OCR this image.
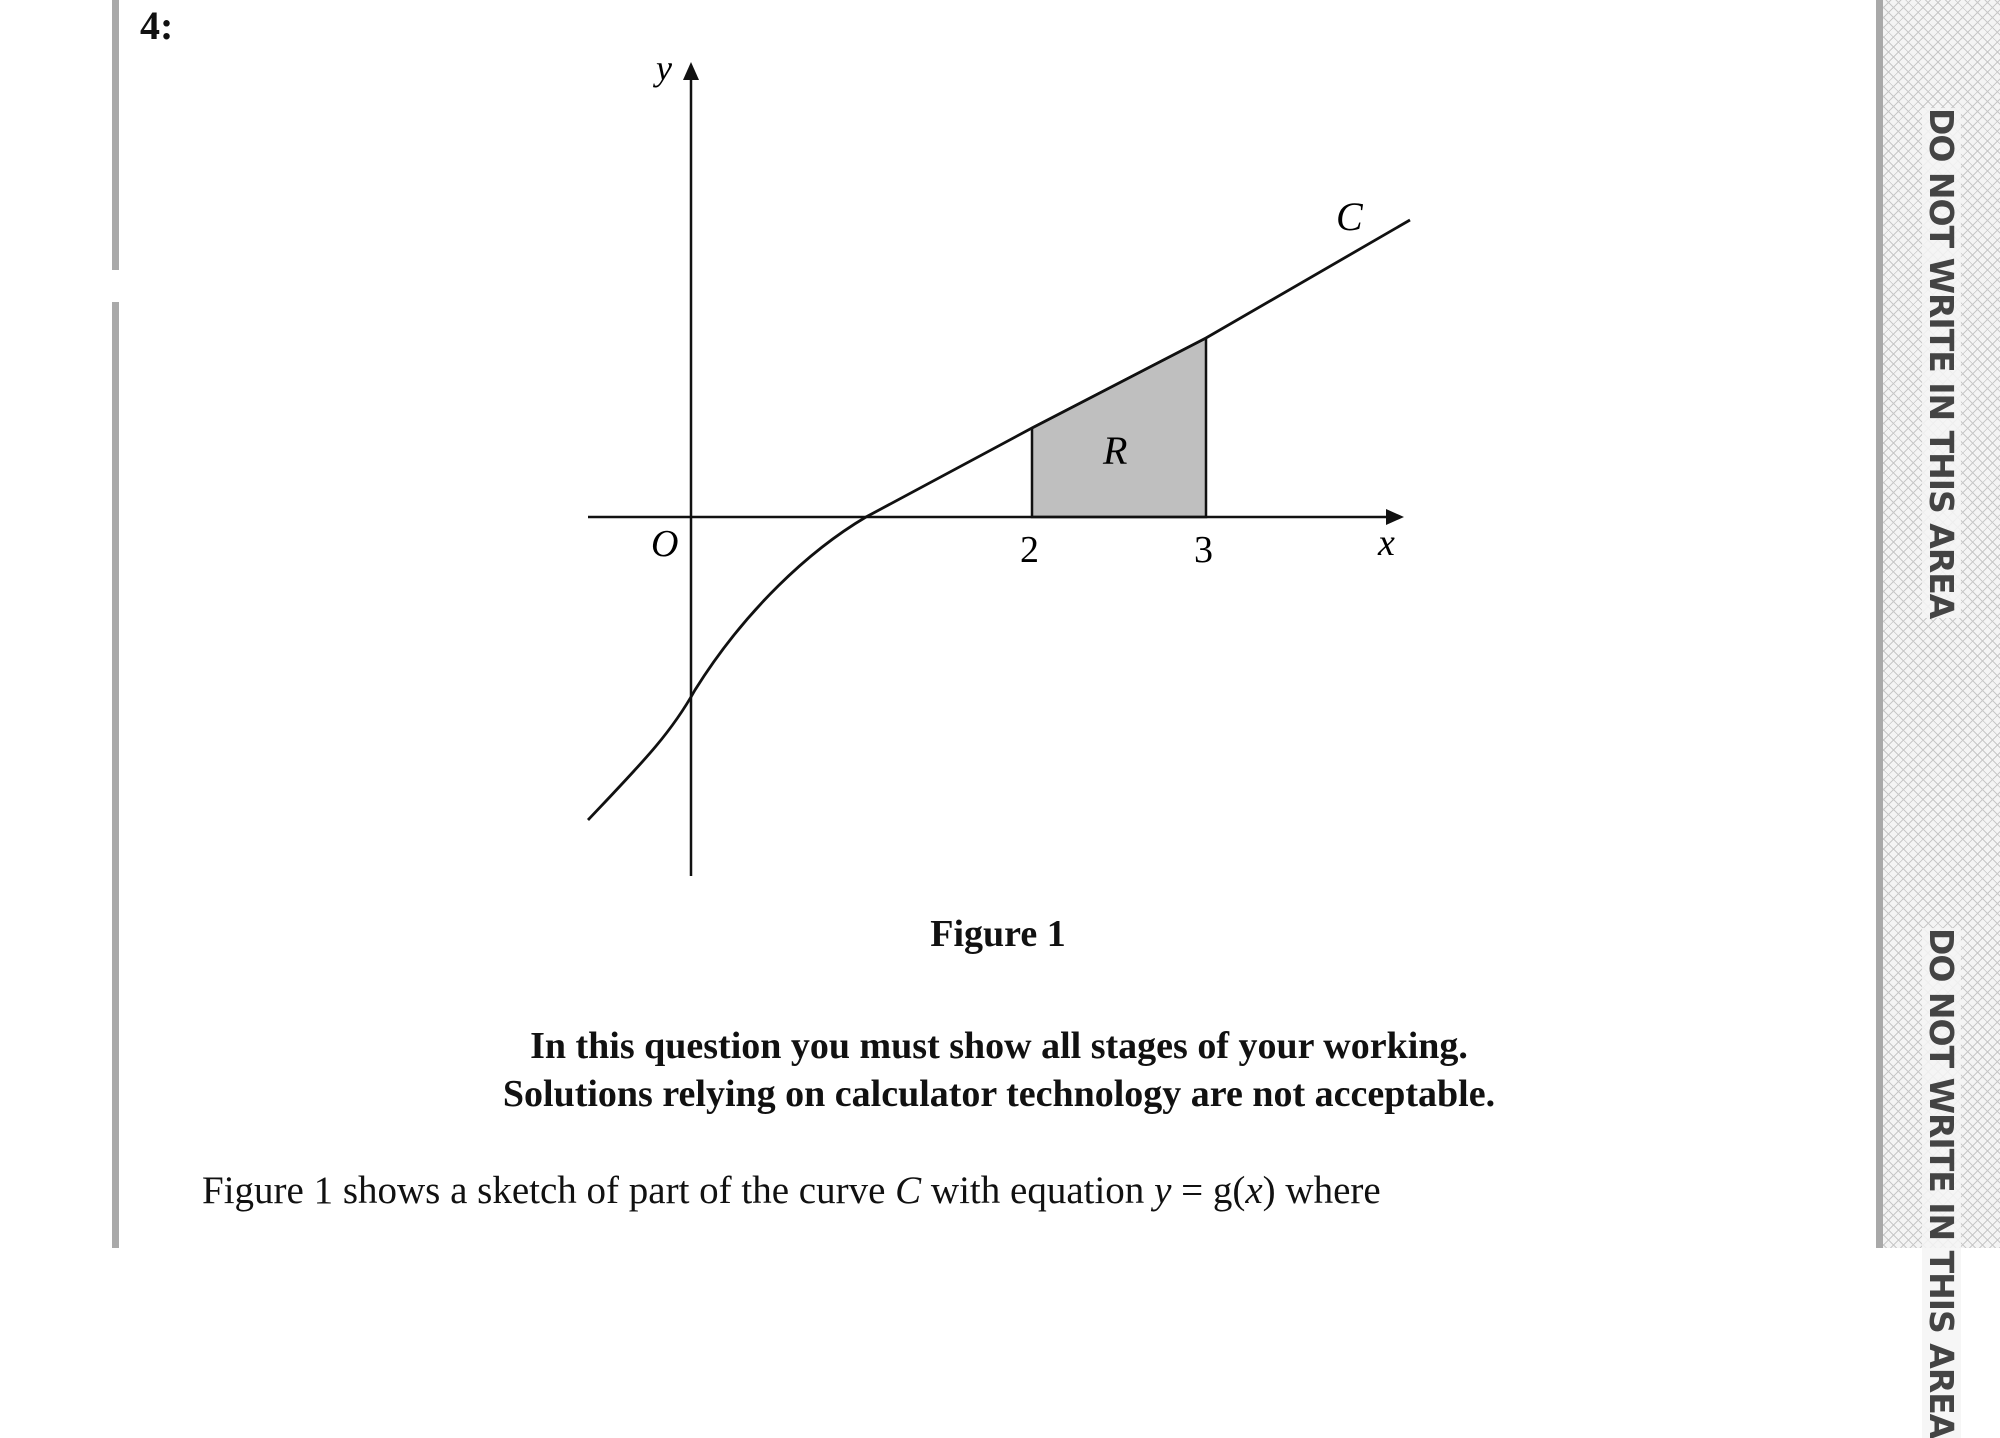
4:
y
x
O	2	3
C
R
Figure 1
In this question you must show all stages of your working.
Solutions relying on calculator technology are not acceptable.
Figure 1 shows a sketch of part of the curve C with equation y = g(x) where
DO NOT WRITE IN THIS AREA
DO NOT WRITE IN THIS AREA
